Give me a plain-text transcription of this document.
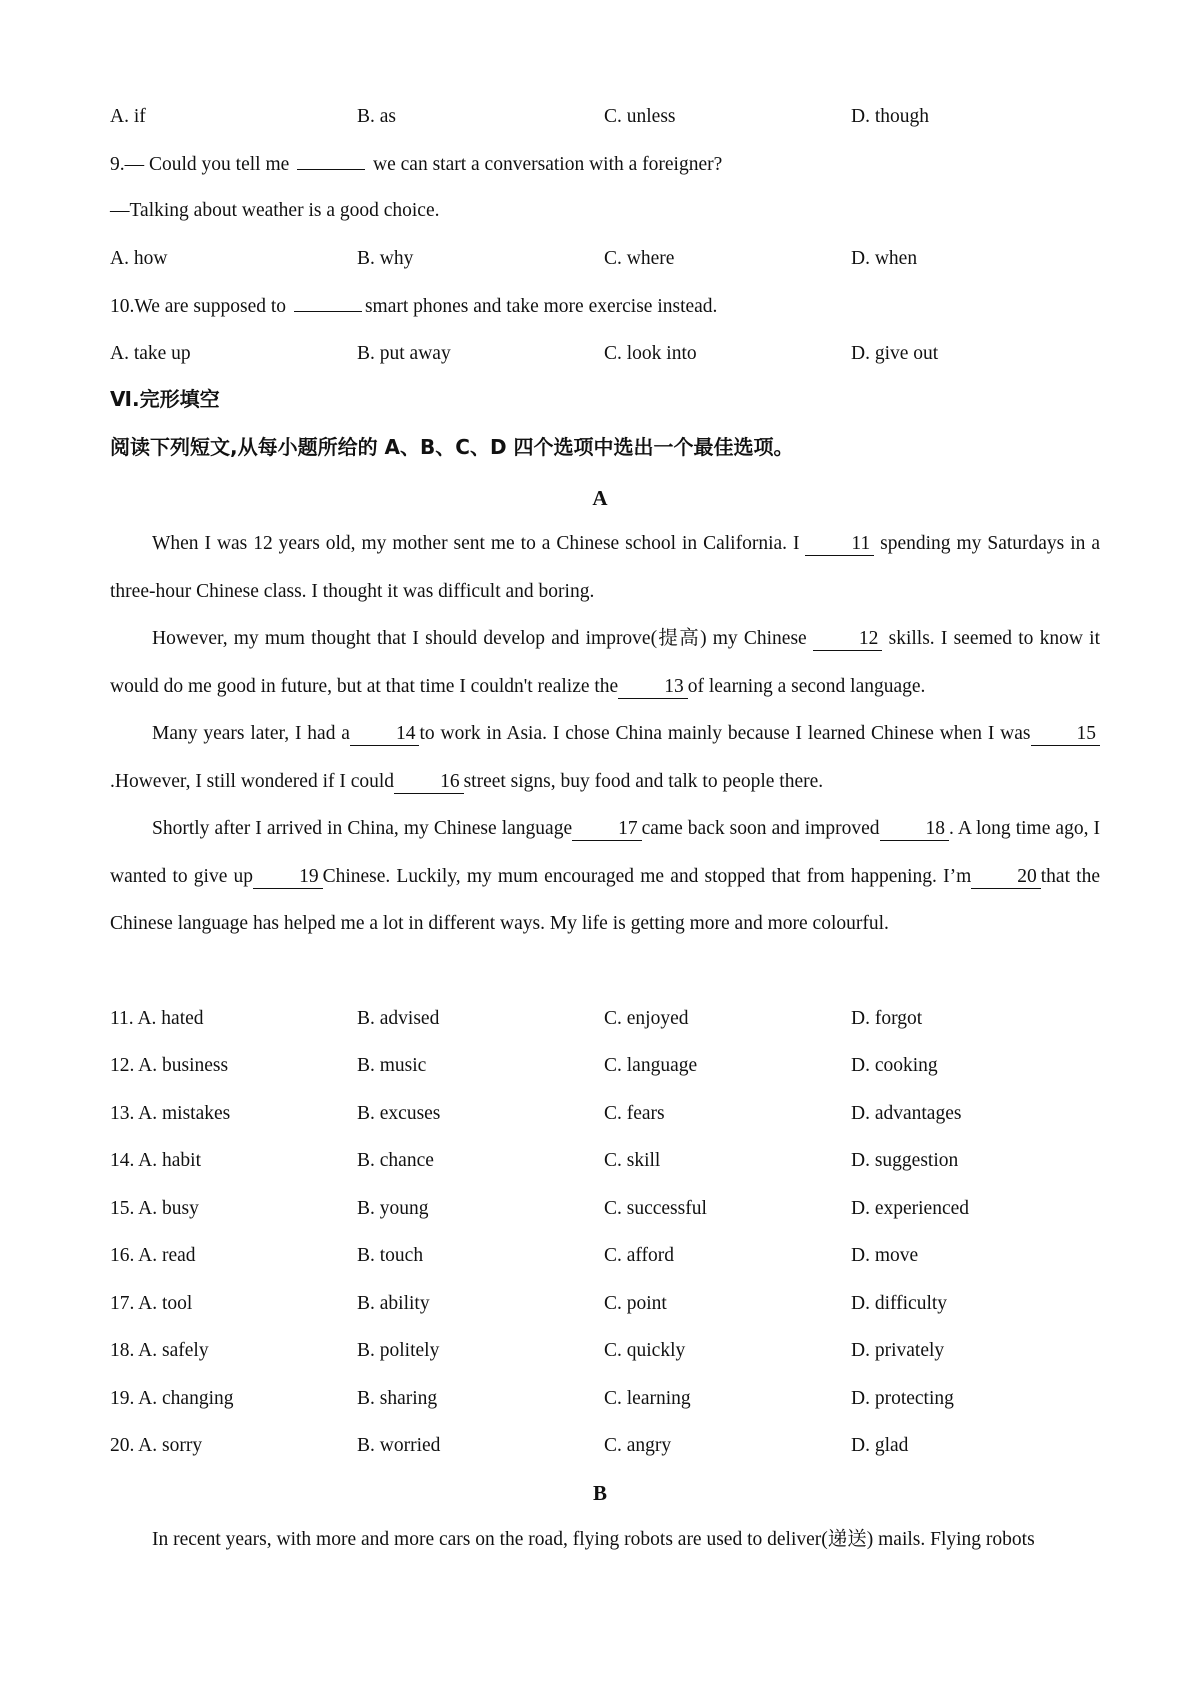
A. if	B. as	C. unless	D. though
9.— Could you tell me	we can start a conversation with a foreigner?
—Talking about weather is a good choice.
A. how	B. why	C. where	D. when
10.We are supposed to	smart phones and take more exercise instead.
A. take up	B. put away	C. look into	D. give out
Ⅵ.完形填空
阅读下列短文,从每小题所给的 A、B、C、D 四个选项中选出一个最佳选项。
A
When I was 12 years old, my mother sent me to a Chinese school in California. I 11 spending my Saturdays in a three-hour Chinese class. I thought it was difficult and boring.
However, my mum thought that I should develop and improve(提高) my Chinese 12 skills. I seemed to know it would do me good in future, but at that time I couldn't realize the 13 of learning a second language.
Many years later, I had a 14 to work in Asia. I chose China mainly because I learned Chinese when I was 15.However, I still wondered if I could 16 street signs, buy food and talk to people there.
Shortly after I arrived in China, my Chinese language 17 came back soon and improved 18 . A long time ago, I wanted to give up 19 Chinese. Luckily, my mum encouraged me and stopped that from happening. I’m 20 that the Chinese language has helped me a lot in different ways. My life is getting more and more colourful.
11. A. hated	B. advised	C. enjoyed	D. forgot
12. A. business	B. music	C. language	D. cooking
13. A. mistakes	B. excuses	C. fears	D. advantages
14. A. habit	B. chance	C. skill	D. suggestion
15. A. busy	B. young	C. successful	D. experienced
16. A. read	B. touch	C. afford	D. move
17. A. tool	B. ability	C. point	D. difficulty
18. A. safely	B. politely	C. quickly	D. privately
19. A. changing	B. sharing	C. learning	D. protecting
20. A. sorry	B. worried	C. angry	D. glad
B
In recent years, with more and more cars on the road, flying robots are used to deliver(递送) mails. Flying robots
